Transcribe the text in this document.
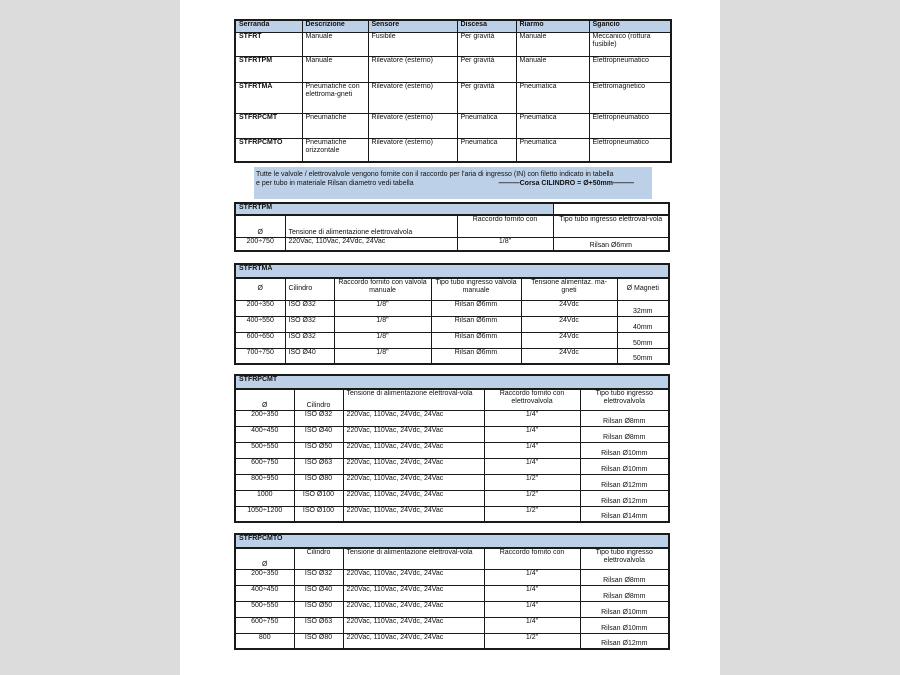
Serranda	Descrizione	Sensore	Discesa	Riarmo	Sgancio
STFRT	Manuale	Fusibile	Per gravità	Manuale	Meccanico (rottura fusibile)
STFRTPM	Manuale	Rilevatore (esterno)	Per gravità	Manuale	Elettropneumatico
STFRTMA	Pneumatiche con elettroma-gneti	Rilevatore (esterno)	Per gravità	Pneumatica	Elettromagnetico
STFRPCMT	Pneumatiche	Rilevatore (esterno)	Pneumatica	Pneumatica	Elettropneumatico
STFRPCMTO	Pneumatiche orizzontale	Rilevatore (esterno)	Pneumatica	Pneumatica	Elettropneumatico
Tutte le valvole / elettrovalvole vengono fornite con il raccordo per l'aria di ingresso (IN) con filetto indicato in tabella
e per tubo in materiale Rilsan diametro vedi tabella	———Corsa CILINDRO = Ø+50mm———
STFRTPM			
Ø	Tensione di alimentazione elettrovalvola	Raccordo fornito con	Tipo tubo ingresso elettroval-vola
200÷750	220Vac, 110Vac, 24Vdc, 24Vac	1/8"	Rilsan Ø6mm
STFRTMA					
Ø	Cilindro	Raccordo fornito con valvola manuale	Tipo tubo ingresso valvola manuale	Tensione alimentaz. ma-gneti	Ø Magneti
200÷350	ISO Ø32	1/8"	Rilsan Ø6mm	24Vdc	32mm
400÷550	ISO Ø32	1/8"	Rilsan Ø6mm	24Vdc	40mm
600÷650	ISO Ø32	1/8"	Rilsan Ø6mm	24Vdc	50mm
700÷750	ISO Ø40	1/8"	Rilsan Ø6mm	24Vdc	50mm
STFRPCMT				
Ø	Cilindro	Tensione di alimentazione elettroval-vola	Raccordo fornito con elettrovalvola	Tipo tubo ingresso elettrovalvola
200÷350	ISO Ø32	220Vac, 110Vac, 24Vdc, 24Vac	1/4"	Rilsan Ø8mm
400÷450	ISO Ø40	220Vac, 110Vac, 24Vdc, 24Vac	1/4"	Rilsan Ø8mm
500÷550	ISO Ø50	220Vac, 110Vac, 24Vdc, 24Vac	1/4"	Rilsan Ø10mm
600÷750	ISO Ø63	220Vac, 110Vac, 24Vdc, 24Vac	1/4"	Rilsan Ø10mm
800÷950	ISO Ø80	220Vac, 110Vac, 24Vdc, 24Vac	1/2"	Rilsan Ø12mm
1000	ISO Ø100	220Vac, 110Vac, 24Vdc, 24Vac	1/2"	Rilsan Ø12mm
1050÷1200	ISO Ø100	220Vac, 110Vac, 24Vdc, 24Vac	1/2"	Rilsan Ø14mm
STFRPCMTO				
Ø	Cilindro	Tensione di alimentazione elettroval-vola	Raccordo fornito con	Tipo tubo ingresso elettrovalvola
200÷350	ISO Ø32	220Vac, 110Vac, 24Vdc, 24Vac	1/4"	Rilsan Ø8mm
400÷450	ISO Ø40	220Vac, 110Vac, 24Vdc, 24Vac	1/4"	Rilsan Ø8mm
500÷550	ISO Ø50	220Vac, 110Vac, 24Vdc, 24Vac	1/4"	Rilsan Ø10mm
600÷750	ISO Ø63	220Vac, 110Vac, 24Vdc, 24Vac	1/4"	Rilsan Ø10mm
800	ISO Ø80	220Vac, 110Vac, 24Vdc, 24Vac	1/2"	Rilsan Ø12mm
